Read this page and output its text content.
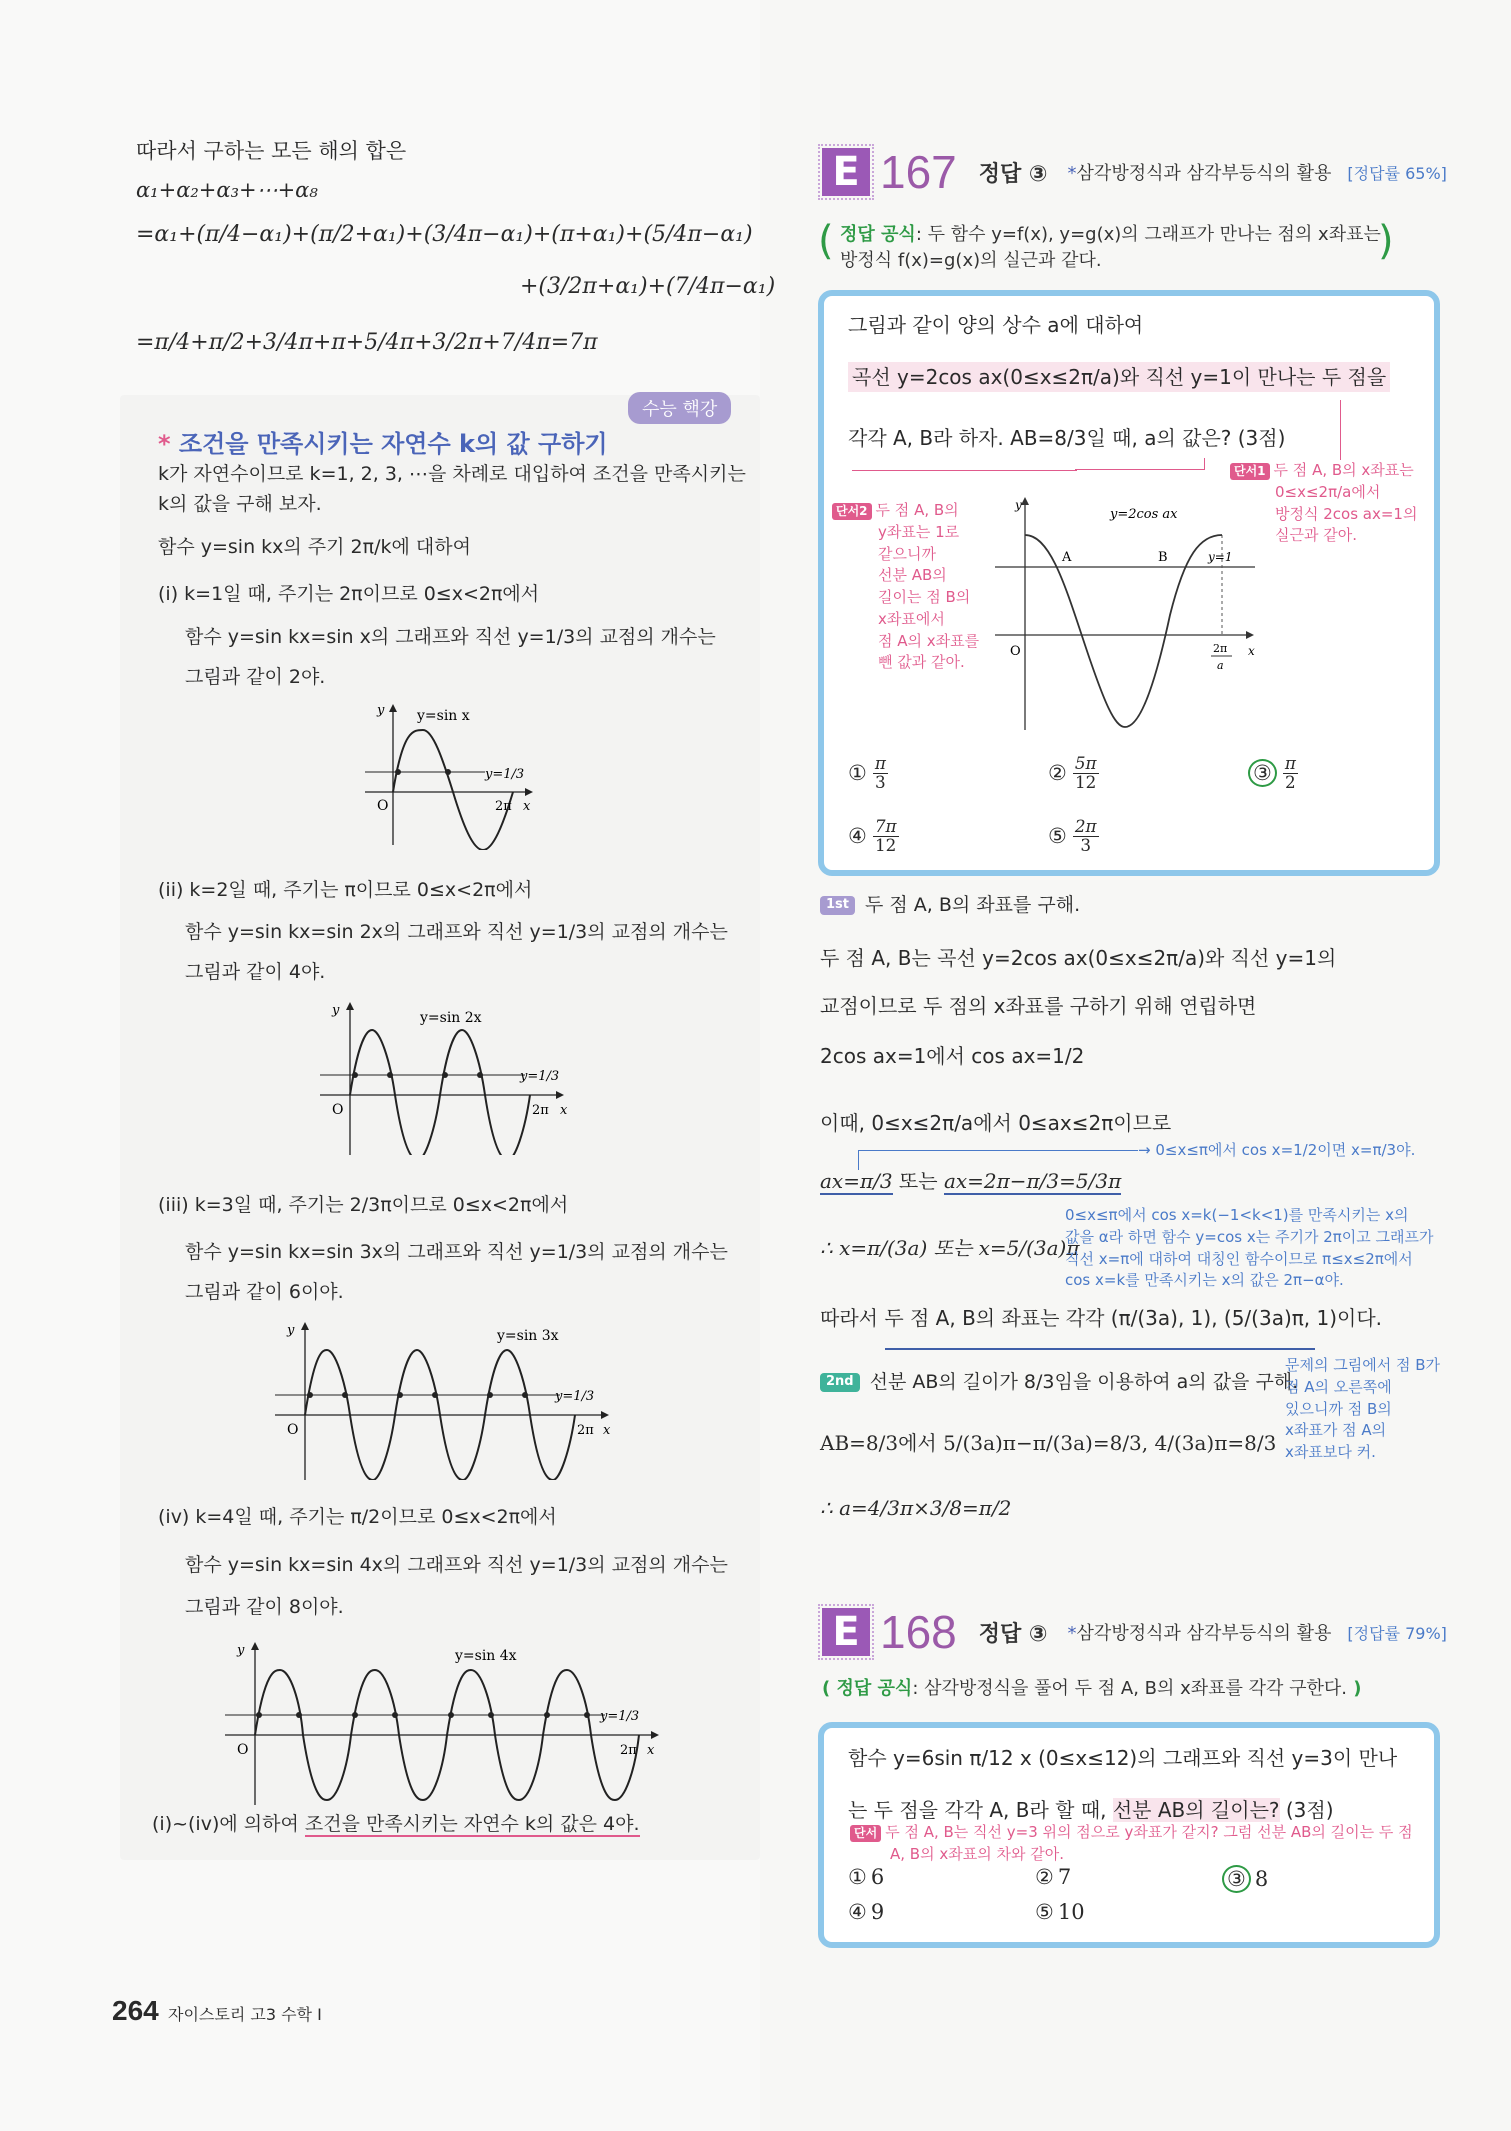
따라서 구하는 모든 해의 합은
α₁+α₂+α₃+⋯+α₈
=α₁+(π/4−α₁)+(π/2+α₁)+(3/4π−α₁)+(π+α₁)+(5/4π−α₁)
+(3/2π+α₁)+(7/4π−α₁)
=π/4+π/2+3/4π+π+5/4π+3/2π+7/4π=7π
수능 핵강
* 조건을 만족시키는 자연수 k의 값 구하기
k가 자연수이므로 k=1, 2, 3, ⋯을 차례로 대입하여 조건을 만족시키는
k의 값을 구해 보자.
함수 y=sin kx의 주기 2π/k에 대하여
(i) k=1일 때, 주기는 2π이므로 0≤x<2π에서
함수 y=sin kx=sin x의 그래프와 직선 y=1/3의 교점의 개수는
그림과 같이 2야.
y y=sin x
y=1/3
O	2π x
(ii) k=2일 때, 주기는 π이므로 0≤x<2π에서
함수 y=sin kx=sin 2x의 그래프와 직선 y=1/3의 교점의 개수는
그림과 같이 4야.
y	y=sin 2x
y=1/3
O	2π x
(iii) k=3일 때, 주기는 2/3π이므로 0≤x<2π에서
함수 y=sin kx=sin 3x의 그래프와 직선 y=1/3의 교점의 개수는
그림과 같이 6이야.
y	y=sin 3x
y=1/3
O	2π x
(iv) k=4일 때, 주기는 π/2이므로 0≤x<2π에서
함수 y=sin kx=sin 4x의 그래프와 직선 y=1/3의 교점의 개수는
그림과 같이 8이야.
y	y=sin 4x
y=1/3
O	2π x
(i)~(iv)에 의하여 조건을 만족시키는 자연수 k의 값은 4야.
E 167 정답 ③ *삼각방정식과 삼각부등식의 활용 [정답률 65%]
( 정답 공식: 두 함수 y=f(x), y=g(x)의 그래프가 만나는 점의 x좌표는
방정식 f(x)=g(x)의 실근과 같다.	)
그림과 같이 양의 상수 a에 대하여
곡선 y=2cos ax(0≤x≤2π/a)와 직선 y=1이 만나는 두 점을
각각 A, B라 하자. AB=8/3일 때, a의 값은? (3점)
단서1 두 점 A, B의 x좌표는
0≤x≤2π/a에서
방정식 2cos ax=1의
실근과 같아.
단서2 두 점 A, B의
y좌표는 1로
같으니까
선분 AB의
길이는 점 B의
x좌표에서
점 A의 x좌표를
뺀 값과 같아.
y
y=2cos ax
A	B	y=1
O	2π
a
x
① $\frac{\pi}{3}$	② $\frac{5\pi}{12}$	③ $\frac{\pi}{2}$
④ $\frac{7\pi}{12}$	⑤ $\frac{2\pi}{3}$
1st 두 점 A, B의 좌표를 구해.
두 점 A, B는 곡선 y=2cos ax(0≤x≤2π/a)와 직선 y=1의
교점이므로 두 점의 x좌표를 구하기 위해 연립하면
2cos ax=1에서 cos ax=1/2
이때, 0≤x≤2π/a에서 0≤ax≤2π이므로
→ 0≤x≤π에서 cos x=1/2이면 x=π/3야.
ax=π/3 또는 ax=2π−π/3=5/3π
∴ x=π/(3a) 또는 x=5/(3a)π
0≤x≤π에서 cos x=k(−1<k<1)를 만족시키는 x의
값을 α라 하면 함수 y=cos x는 주기가 2π이고 그래프가
직선 x=π에 대하여 대칭인 함수이므로 π≤x≤2π에서
cos x=k를 만족시키는 x의 값은 2π−α야.
따라서 두 점 A, B의 좌표는 각각 (π/(3a), 1), (5/(3a)π, 1)이다.
2nd 선분 AB의 길이가 8/3임을 이용하여 a의 값을 구해.
문제의 그림에서 점 B가
점 A의 오른쪽에
있으니까 점 B의
x좌표가 점 A의
x좌표보다 커.
AB=8/3에서 5/(3a)π−π/(3a)=8/3, 4/(3a)π=8/3
∴ a=4/3π×3/8=π/2
E 168 정답 ③ *삼각방정식과 삼각부등식의 활용 [정답률 79%]
( 정답 공식: 삼각방정식을 풀어 두 점 A, B의 x좌표를 각각 구한다. )
함수 y=6sin π/12 x (0≤x≤12)의 그래프와 직선 y=3이 만나
는 두 점을 각각 A, B라 할 때, 선분 AB의 길이는? (3점)
단서 두 점 A, B는 직선 y=3 위의 점으로 y좌표가 같지? 그럼 선분 AB의 길이는 두 점
A, B의 x좌표의 차와 같아.
① 6	② 7	③ 8
④ 9	⑤ 10
264 자이스토리 고3 수학 I
